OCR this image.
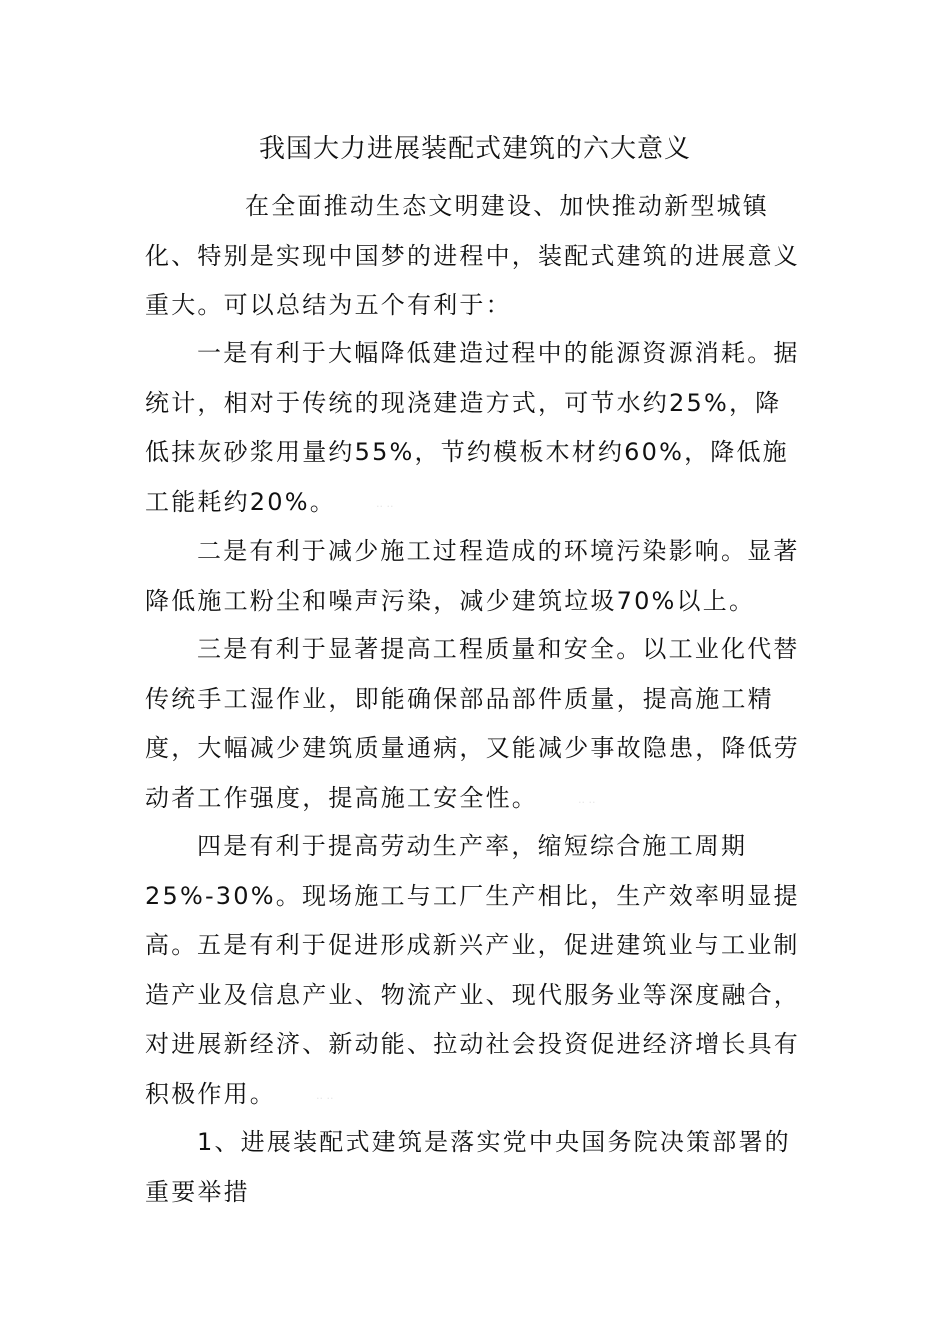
我国大力进展装配式建筑的六大意义

在全面推动生态文明建设、加快推动新型城镇化、特别是实现中国梦的进程中，装配式建筑的进展意义重大。可以总结为五个有利于：

一是有利于大幅降低建造过程中的能源资源消耗。据统计，相对于传统的现浇建造方式，可节水约25%，降低抹灰砂浆用量约55%，节约模板木材约60%，降低施工能耗约20%。	·· ··

二是有利于减少施工过程造成的环境污染影响。显著降低施工粉尘和噪声污染，减少建筑垃圾70%以上。

三是有利于显著提高工程质量和安全。以工业化代替传统手工湿作业，即能确保部品部件质量，提高施工精度，大幅减少建筑质量通病，又能减少事故隐患，降低劳动者工作强度，提高施工安全性。	·· ··

四是有利于提高劳动生产率，缩短综合施工周期25%-30%。现场施工与工厂生产相比，生产效率明显提高。 五是有利于促进形成新兴产业，促进建筑业与工业制造产业及信息产业、物流产业、现代服务业等深度融合，对进展新经济、新动能、拉动社会投资促进经济增长具有积极作用。	·· ··

1、进展装配式建筑是落实党中央国务院决策部署的重要举措
